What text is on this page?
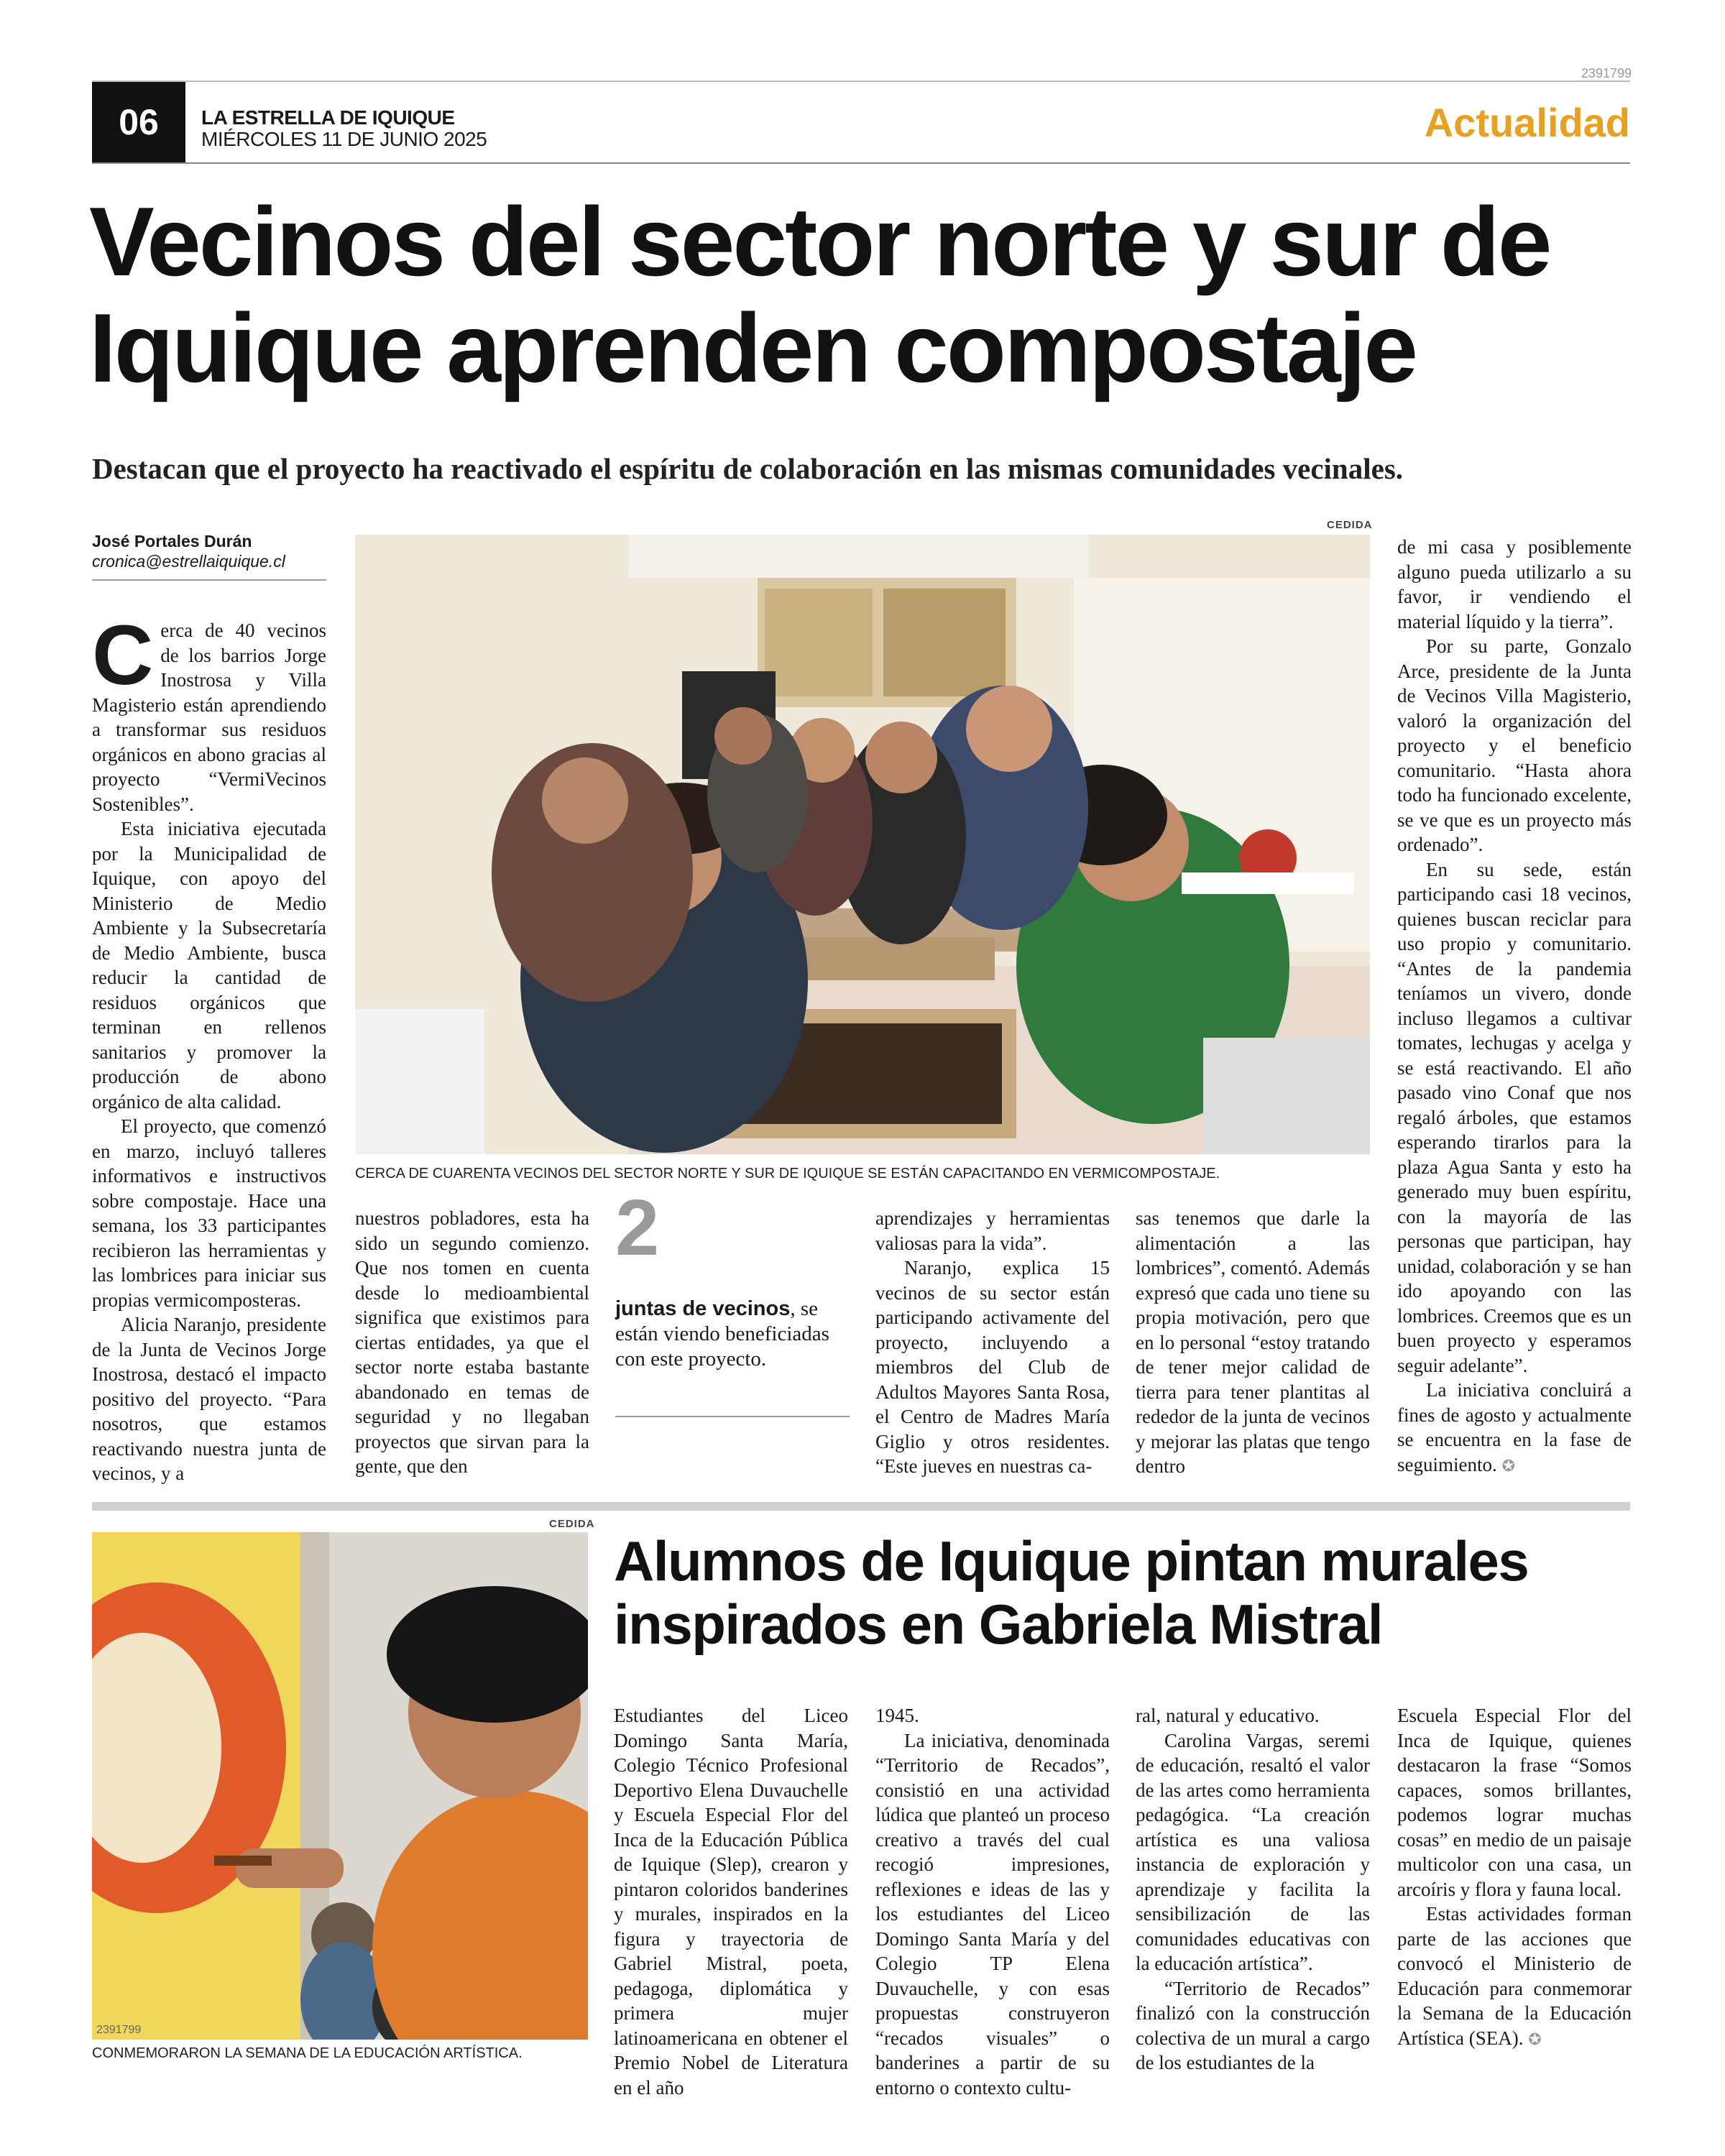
2391799
06 LA ESTRELLA DE IQUIQUE
MIÉRCOLES 11 DE JUNIO 2025	Actualidad
Vecinos del sector norte y sur de
Iquique aprenden compostaje
Destacan que el proyecto ha reactivado el espíritu de colaboración en las mismas comunidades vecinales.
José Portales Durán
cronica@estrellaiquique.cl
CEDIDA
CERCA DE CUARENTA VECINOS DEL SECTOR NORTE Y SUR DE IQUIQUE SE ESTÁN CAPACITANDO EN VERMICOMPOSTAJE.

Cerca de 40 vecinos de los barrios Jorge Inostrosa y Villa Magisterio están aprendiendo a transformar sus residuos orgánicos en abono gracias al proyecto “VermiVecinos Sostenibles”.

Esta iniciativa ejecutada por la Municipalidad de Iquique, con apoyo del Ministerio de Medio Ambiente y la Subsecretaría de Medio Ambiente, busca reducir la cantidad de residuos orgánicos que terminan en rellenos sanitarios y promover la producción de abono orgánico de alta calidad.

El proyecto, que comenzó en marzo, incluyó talleres informativos e instructivos sobre compostaje. Hace una semana, los 33 participantes recibieron las herramientas y las lombrices para iniciar sus propias vermicomposteras.

Alicia Naranjo, presidente de la Junta de Vecinos Jorge Inostrosa, destacó el impacto positivo del proyecto. “Para nosotros, que estamos reactivando nuestra junta de vecinos, y a

nuestros pobladores, esta ha sido un segundo comienzo. Que nos tomen en cuenta desde lo medioambiental significa que existimos para ciertas entidades, ya que el sector norte estaba bastante abandonado en temas de seguridad y no llegaban proyectos que sirvan para la gente, que den

2
juntas de vecinos, se están viendo beneficiadas con este proyecto.

aprendizajes y herramientas valiosas para la vida”.

Naranjo, explica 15 vecinos de su sector están participando activamente del proyecto, incluyendo a miembros del Club de Adultos Mayores Santa Rosa, el Centro de Madres María Giglio y otros residentes. “Este jueves en nuestras ca-

sas tenemos que darle la alimentación a las lombrices”, comentó. Además expresó que cada uno tiene su propia motivación, pero que en lo personal “estoy tratando de tener mejor calidad de tierra para tener plantitas al rededor de la junta de vecinos y mejorar las platas que tengo dentro

de mi casa y posiblemente alguno pueda utilizarlo a su favor, ir vendiendo el material líquido y la tierra”.

Por su parte, Gonzalo Arce, presidente de la Junta de Vecinos Villa Magisterio, valoró la organización del proyecto y el beneficio comunitario. “Hasta ahora todo ha funcionado excelente, se ve que es un proyecto más ordenado”.

En su sede, están participando casi 18 vecinos, quienes buscan reciclar para uso propio y comunitario. “Antes de la pandemia teníamos un vivero, donde incluso llegamos a cultivar tomates, lechugas y acelga y se está reactivando. El año pasado vino Conaf que nos regaló árboles, que estamos esperando tirarlos para la plaza Agua Santa y esto ha generado muy buen espíritu, con la mayoría de las personas que participan, hay unidad, colaboración y se han ido apoyando con las lombrices. Creemos que es un buen proyecto y esperamos seguir adelante”.

La iniciativa concluirá a fines de agosto y actualmente se encuentra en la fase de seguimiento. ✪

CEDIDA
2391799
CONMEMORARON LA SEMANA DE LA EDUCACIÓN ARTÍSTICA.
Alumnos de Iquique pintan murales
inspirados en Gabriela Mistral

Estudiantes del Liceo Domingo Santa María, Colegio Técnico Profesional Deportivo Elena Duvauchelle y Escuela Especial Flor del Inca de la Educación Pública de Iquique (Slep), crearon y pintaron coloridos banderines y murales, inspirados en la figura y trayectoria de Gabriel Mistral, poeta, pedagoga, diplomática y primera mujer latinoamericana en obtener el Premio Nobel de Literatura en el año

1945.

La iniciativa, denominada “Territorio de Recados”, consistió en una actividad lúdica que planteó un proceso creativo a través del cual recogió impresiones, reflexiones e ideas de las y los estudiantes del Liceo Domingo Santa María y del Colegio TP Elena Duvauchelle, y con esas propuestas construyeron “recados visuales” o banderines a partir de su entorno o contexto cultu-

ral, natural y educativo.

Carolina Vargas, seremi de educación, resaltó el valor de las artes como herramienta pedagógica. “La creación artística es una valiosa instancia de exploración y aprendizaje y facilita la sensibilización de las comunidades educativas con la educación artística”.

“Territorio de Recados” finalizó con la construcción colectiva de un mural a cargo de los estudiantes de la

Escuela Especial Flor del Inca de Iquique, quienes destacaron la frase “Somos capaces, somos brillantes, podemos lograr muchas cosas” en medio de un paisaje multicolor con una casa, un arcoíris y flora y fauna local.

Estas actividades forman parte de las acciones que convocó el Ministerio de Educación para conmemorar la Semana de la Educación Artística (SEA). ✪
